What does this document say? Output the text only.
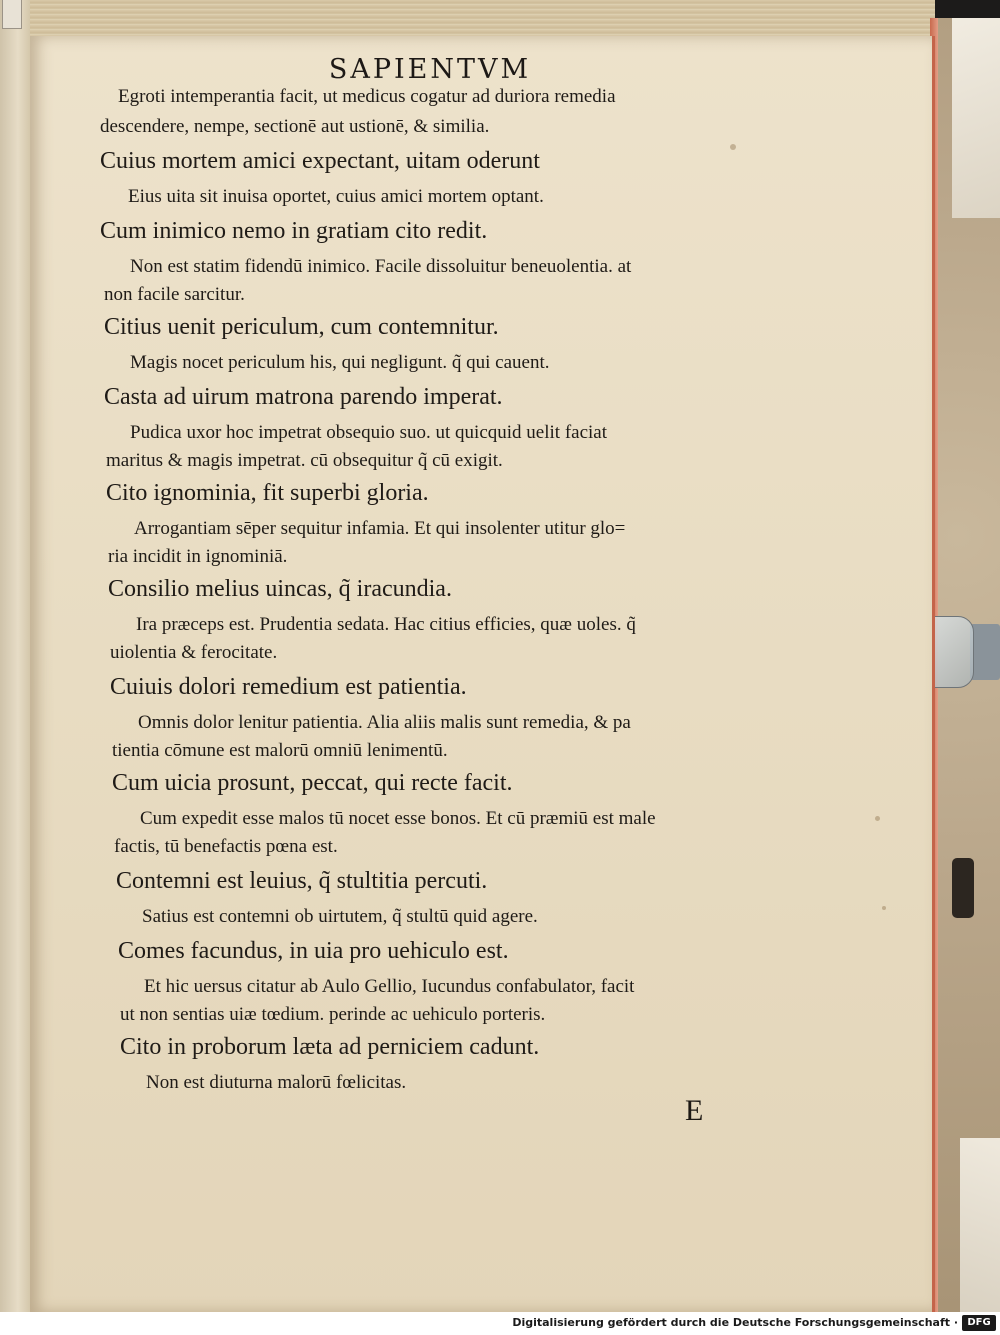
SAPIENTVM
Egroti intemperantia facit, ut medicus cogatur ad duriora remedia
descendere, nempe, sectionē aut ustionē, & similia.
Cuius mortem amici expectant, uitam oderunt
Eius uita sit inuisa oportet, cuius amici mortem optant.
Cum inimico nemo in gratiam cito redit.
Non est statim fidendū inimico. Facile dissoluitur beneuolentia. at
non facile sarcitur.
Citius uenit periculum, cum contemnitur.
Magis nocet periculum his, qui negligunt. q̃ qui cauent.
Casta ad uirum matrona parendo imperat.
Pudica uxor hoc impetrat obsequio suo. ut quicquid uelit faciat
maritus & magis impetrat. cū obsequitur q̃ cū exigit.
Cito ignominia, fit superbi gloria.
Arrogantiam sēper sequitur infamia. Et qui insolenter utitur glo=
ria incidit in ignominiā.
Consilio melius uincas, q̃ iracundia.
Ira præceps est. Prudentia sedata. Hac citius efficies, quæ uoles. q̃
uiolentia & ferocitate.
Cuiuis dolori remedium est patientia.
Omnis dolor lenitur patientia. Alia aliis malis sunt remedia, & pa
tientia cōmune est malorū omniū lenimentū.
Cum uicia prosunt, peccat, qui recte facit.
Cum expedit esse malos tū nocet esse bonos. Et cū præmiū est male
factis, tū benefactis pœna est.
Contemni est leuius, q̃ stultitia percuti.
Satius est contemni ob uirtutem, q̃ stultū quid agere.
Comes facundus, in uia pro uehiculo est.
Et hic uersus citatur ab Aulo Gellio, Iucundus confabulator, facit
ut non sentias uiæ tœdium. perinde ac uehiculo porteris.
Cito in proborum læta ad perniciem cadunt.
Non est diuturna malorū fœlicitas.
E
Digitalisierung gefördert durch die Deutsche Forschungsgemeinschaft · DFG
